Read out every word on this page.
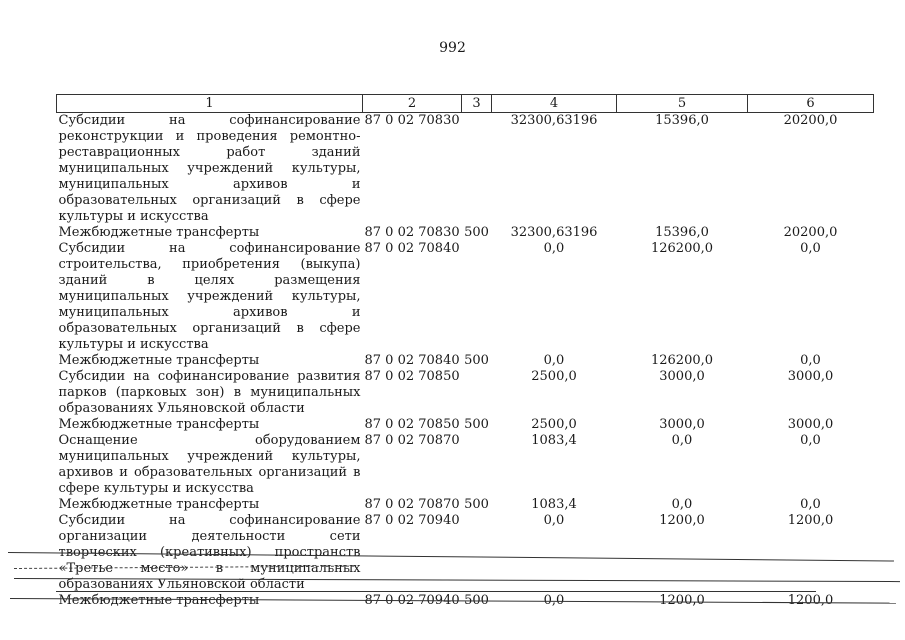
992
1	2	3	4	5	6
Субсидии на софинансирование реконструкции и проведения ремонтно-реставрационных работ зданий муниципальных учреждений культуры, муниципальных архивов и образовательных организаций в сфере культуры и искусства	87 0 02 70830		32300,63196	15396,0	20200,0
Межбюджетные трансферты	87 0 02 70830	500	32300,63196	15396,0	20200,0
Субсидии на софинансирование строительства, приобретения (выкупа) зданий в целях размещения муниципальных учреждений культуры, муниципальных архивов и образовательных организаций в сфере культуры и искусства	87 0 02 70840		0,0	126200,0	0,0
Межбюджетные трансферты	87 0 02 70840	500	0,0	126200,0	0,0
Субсидии на софинансирование развития парков (парковых зон) в муниципальных образованиях Ульяновской области	87 0 02 70850		2500,0	3000,0	3000,0
Межбюджетные трансферты	87 0 02 70850	500	2500,0	3000,0	3000,0
Оснащение оборудованием муниципальных учреждений культуры, архивов и образовательных организаций в сфере культуры и искусства	87 0 02 70870		1083,4	0,0	0,0
Межбюджетные трансферты	87 0 02 70870	500	1083,4	0,0	0,0
Субсидии на софинансирование организации деятельности сети творческих (креативных) пространств «Третье место» в муниципальных образованиях Ульяновской области	87 0 02 70940		0,0	1200,0	1200,0
Межбюджетные трансферты	87 0 02 70940	500	0,0	1200,0	1200,0
